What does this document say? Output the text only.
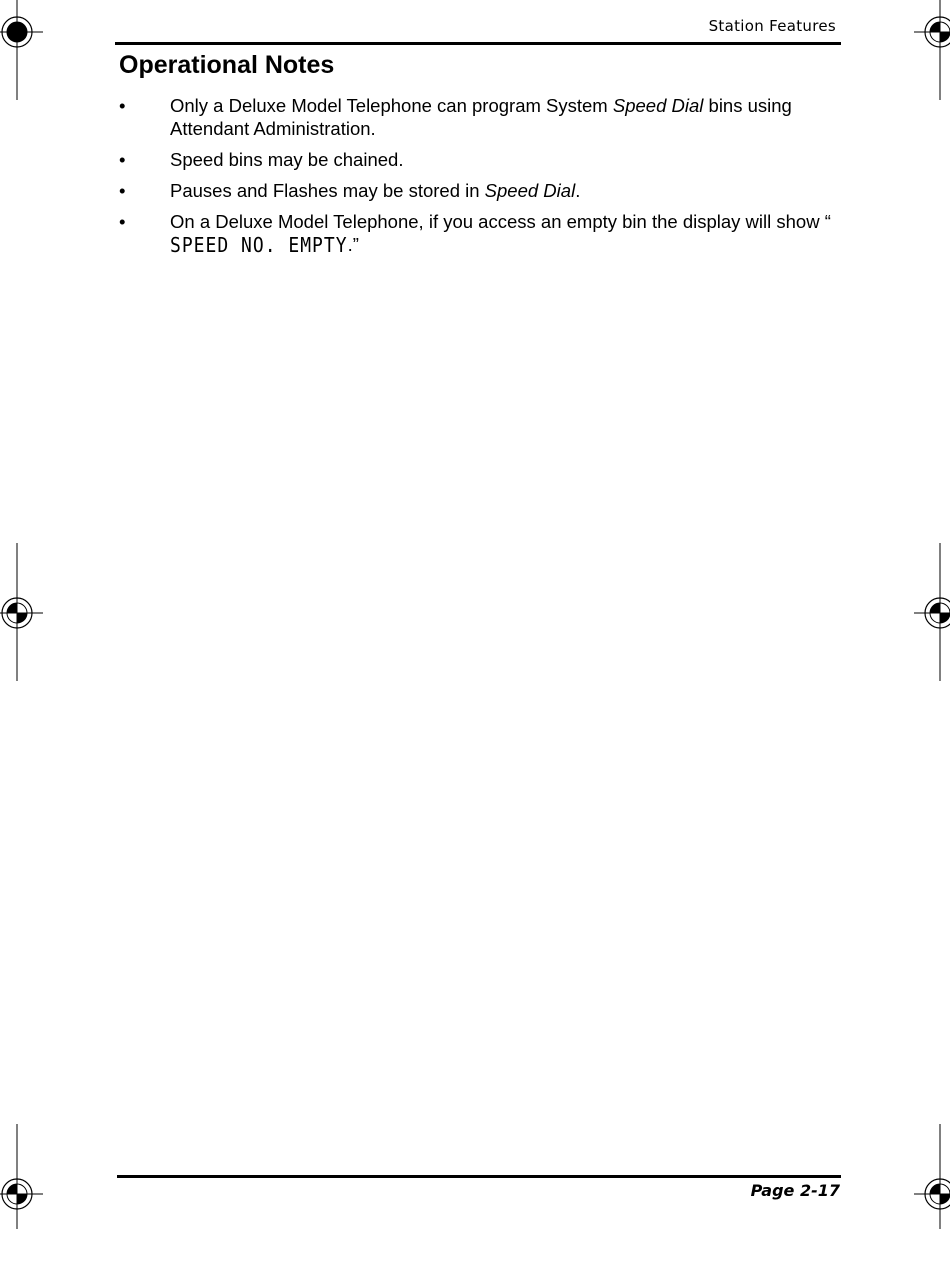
Station Features
Operational Notes
• Only a Deluxe Model Telephone can program System Speed Dial bins using Attendant Administration.
• Speed bins may be chained.
• Pauses and Flashes may be stored in Speed Dial.
• On a Deluxe Model Telephone, if you access an empty bin the display will show “SPEED NO. EMPTY.”
Page 2-17
